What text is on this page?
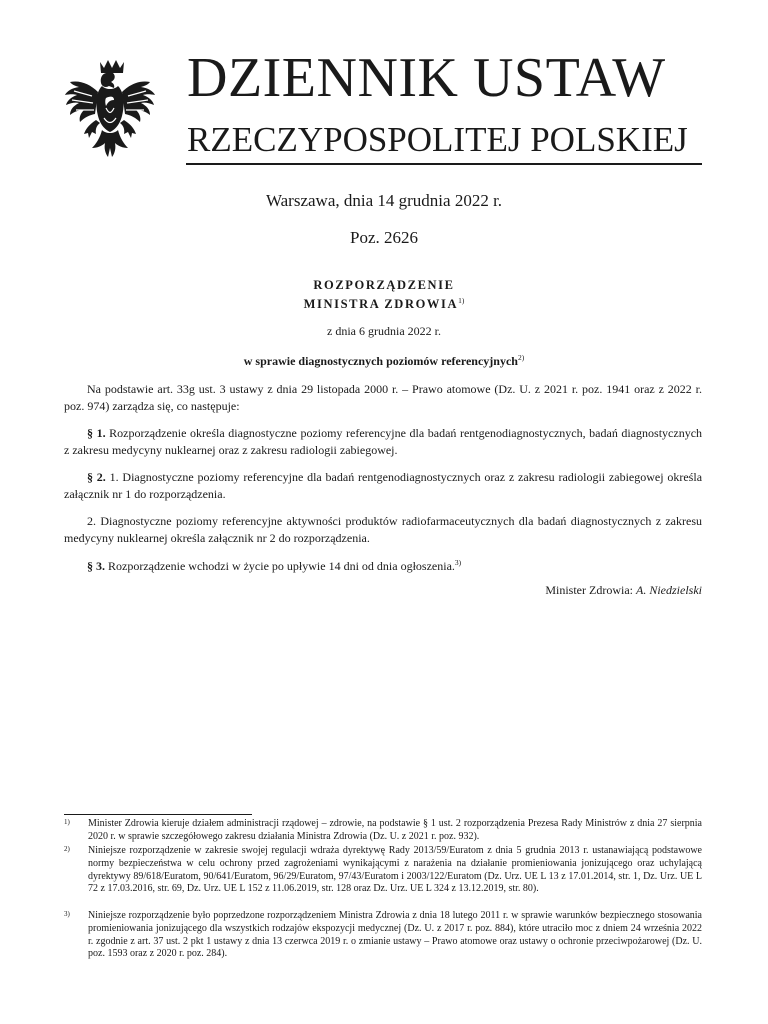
DZIENNIK USTAW
RZECZYPOSPOLITEJ POLSKIEJ
Warszawa, dnia 14 grudnia 2022 r.
Poz. 2626
ROZPORZĄDZENIE
MINISTRA ZDROWIA$^{1)}$
z dnia 6 grudnia 2022 r.
w sprawie diagnostycznych poziomów referencyjnych$^{2)}$
Na podstawie art. 33g ust. 3 ustawy z dnia 29 listopada 2000 r. – Prawo atomowe (Dz. U. z 2021 r. poz. 1941 oraz z 2022 r. poz. 974) zarządza się, co następuje:
§ 1. Rozporządzenie określa diagnostyczne poziomy referencyjne dla badań rentgenodiagnostycznych, badań diagnostycznych z zakresu medycyny nuklearnej oraz z zakresu radiologii zabiegowej.
§ 2. 1. Diagnostyczne poziomy referencyjne dla badań rentgenodiagnostycznych oraz z zakresu radiologii zabiegowej określa załącznik nr 1 do rozporządzenia.
2. Diagnostyczne poziomy referencyjne aktywności produktów radiofarmaceutycznych dla badań diagnostycznych z zakresu medycyny nuklearnej określa załącznik nr 2 do rozporządzenia.
§ 3. Rozporządzenie wchodzi w życie po upływie 14 dni od dnia ogłoszenia.$^{3)}$
Minister Zdrowia: A. Niedzielski
1) Minister Zdrowia kieruje działem administracji rządowej – zdrowie, na podstawie § 1 ust. 2 rozporządzenia Prezesa Rady Ministrów z dnia 27 sierpnia 2020 r. w sprawie szczegółowego zakresu działania Ministra Zdrowia (Dz. U. z 2021 r. poz. 932).
2) Niniejsze rozporządzenie w zakresie swojej regulacji wdraża dyrektywę Rady 2013/59/Euratom z dnia 5 grudnia 2013 r. ustanawiającą podstawowe normy bezpieczeństwa w celu ochrony przed zagrożeniami wynikającymi z narażenia na działanie promieniowania jonizującego oraz uchylającą dyrektywy 89/618/Euratom, 90/641/Euratom, 96/29/Euratom, 97/43/Euratom i 2003/122/Euratom (Dz. Urz. UE L 13 z 17.01.2014, str. 1, Dz. Urz. UE L 72 z 17.03.2016, str. 69, Dz. Urz. UE L 152 z 11.06.2019, str. 128 oraz Dz. Urz. UE L 324 z 13.12.2019, str. 80).
3) Niniejsze rozporządzenie było poprzedzone rozporządzeniem Ministra Zdrowia z dnia 18 lutego 2011 r. w sprawie warunków bezpiecznego stosowania promieniowania jonizującego dla wszystkich rodzajów ekspozycji medycznej (Dz. U. z 2017 r. poz. 884), które utraciło moc z dniem 24 września 2022 r. zgodnie z art. 37 ust. 2 pkt 1 ustawy z dnia 13 czerwca 2019 r. o zmianie ustawy – Prawo atomowe oraz ustawy o ochronie przeciwpożarowej (Dz. U. poz. 1593 oraz z 2020 r. poz. 284).
